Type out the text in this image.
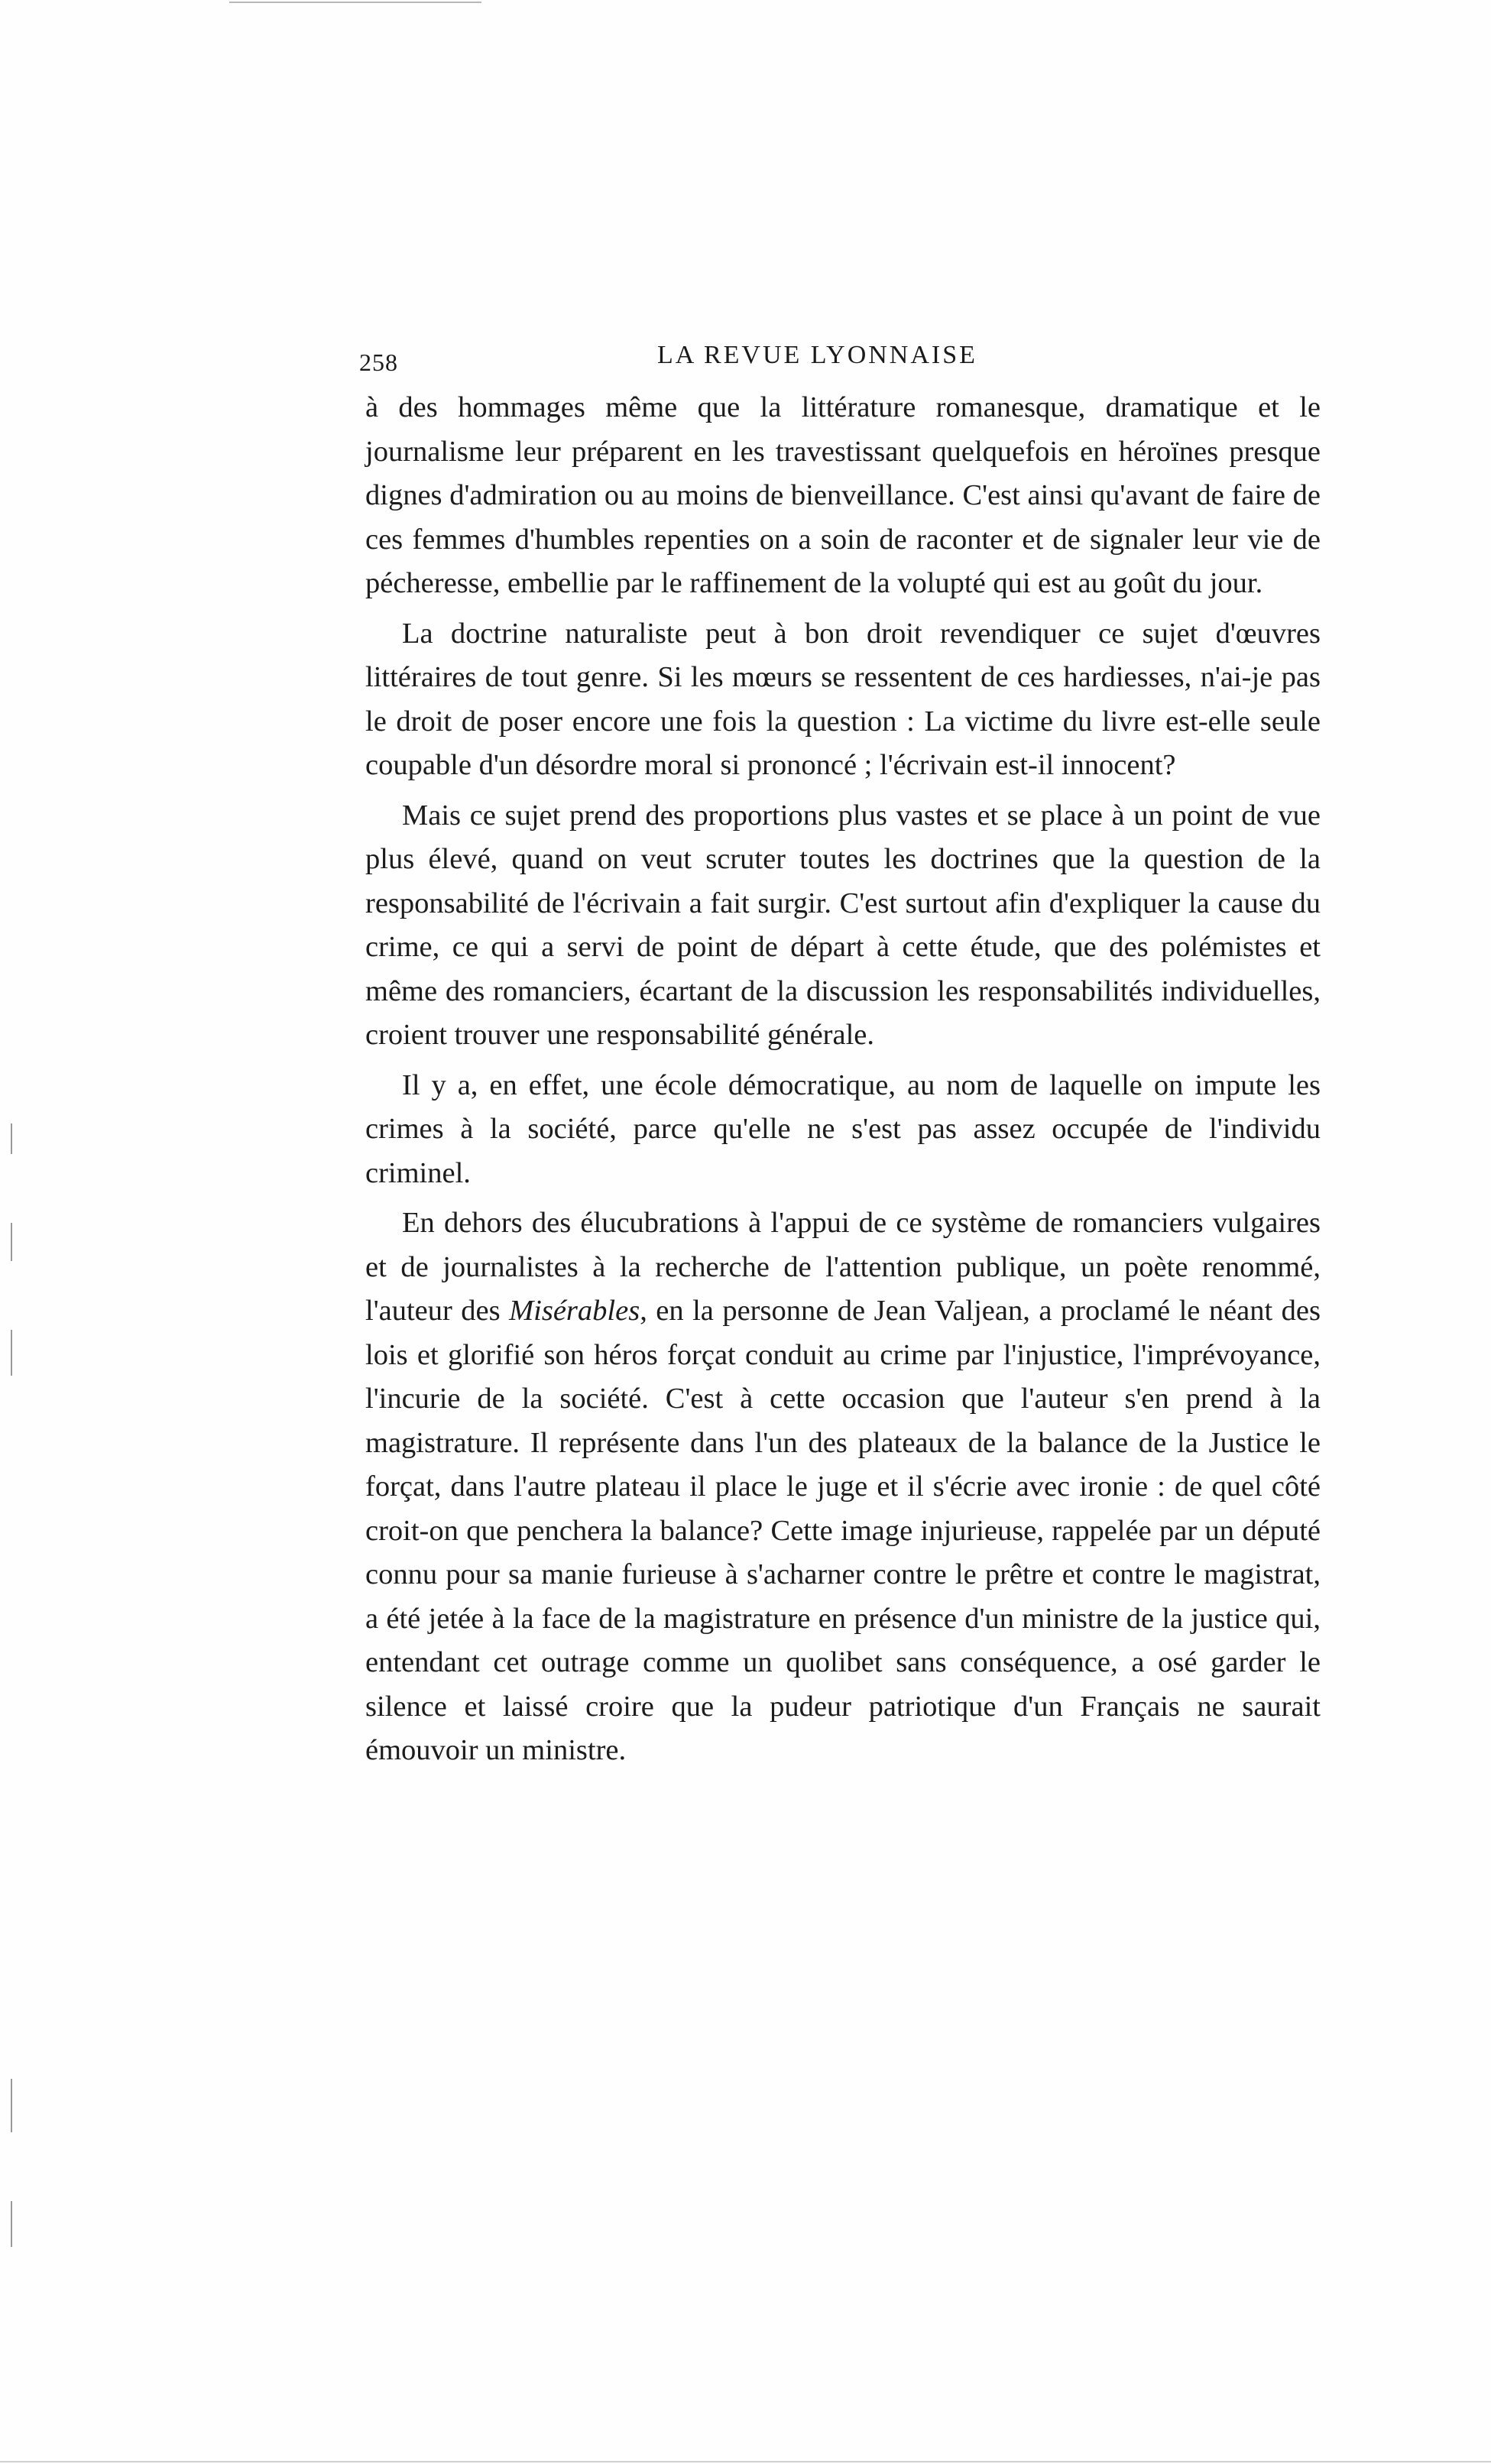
258	LA REVUE LYONNAISE

à des hommages même que la littérature romanesque, dramatique et le journalisme leur préparent en les travestissant quelquefois en héroïnes presque dignes d'admiration ou au moins de bienveillance. C'est ainsi qu'avant de faire de ces femmes d'humbles repenties on a soin de raconter et de signaler leur vie de pécheresse, embellie par le raffinement de la volupté qui est au goût du jour.

La doctrine naturaliste peut à bon droit revendiquer ce sujet d'œuvres littéraires de tout genre. Si les mœurs se ressentent de ces hardiesses, n'ai-je pas le droit de poser encore une fois la question : La victime du livre est-elle seule coupable d'un désordre moral si prononcé ; l'écrivain est-il innocent?

Mais ce sujet prend des proportions plus vastes et se place à un point de vue plus élevé, quand on veut scruter toutes les doctrines que la question de la responsabilité de l'écrivain a fait surgir. C'est surtout afin d'expliquer la cause du crime, ce qui a servi de point de départ à cette étude, que des polémistes et même des romanciers, écartant de la discussion les responsabilités individuelles, croient trouver une responsabilité générale.

Il y a, en effet, une école démocratique, au nom de laquelle on impute les crimes à la société, parce qu'elle ne s'est pas assez occupée de l'individu criminel.

En dehors des élucubrations à l'appui de ce système de romanciers vulgaires et de journalistes à la recherche de l'attention publique, un poète renommé, l'auteur des Misérables, en la personne de Jean Valjean, a proclamé le néant des lois et glorifié son héros forçat conduit au crime par l'injustice, l'imprévoyance, l'incurie de la société. C'est à cette occasion que l'auteur s'en prend à la magistrature. Il représente dans l'un des plateaux de la balance de la Justice le forçat, dans l'autre plateau il place le juge et il s'écrie avec ironie : de quel côté croit-on que penchera la balance? Cette image injurieuse, rappelée par un député connu pour sa manie furieuse à s'acharner contre le prêtre et contre le magistrat, a été jetée à la face de la magistrature en présence d'un ministre de la justice qui, entendant cet outrage comme un quolibet sans conséquence, a osé garder le silence et laissé croire que la pudeur patriotique d'un Français ne saurait émouvoir un ministre.
